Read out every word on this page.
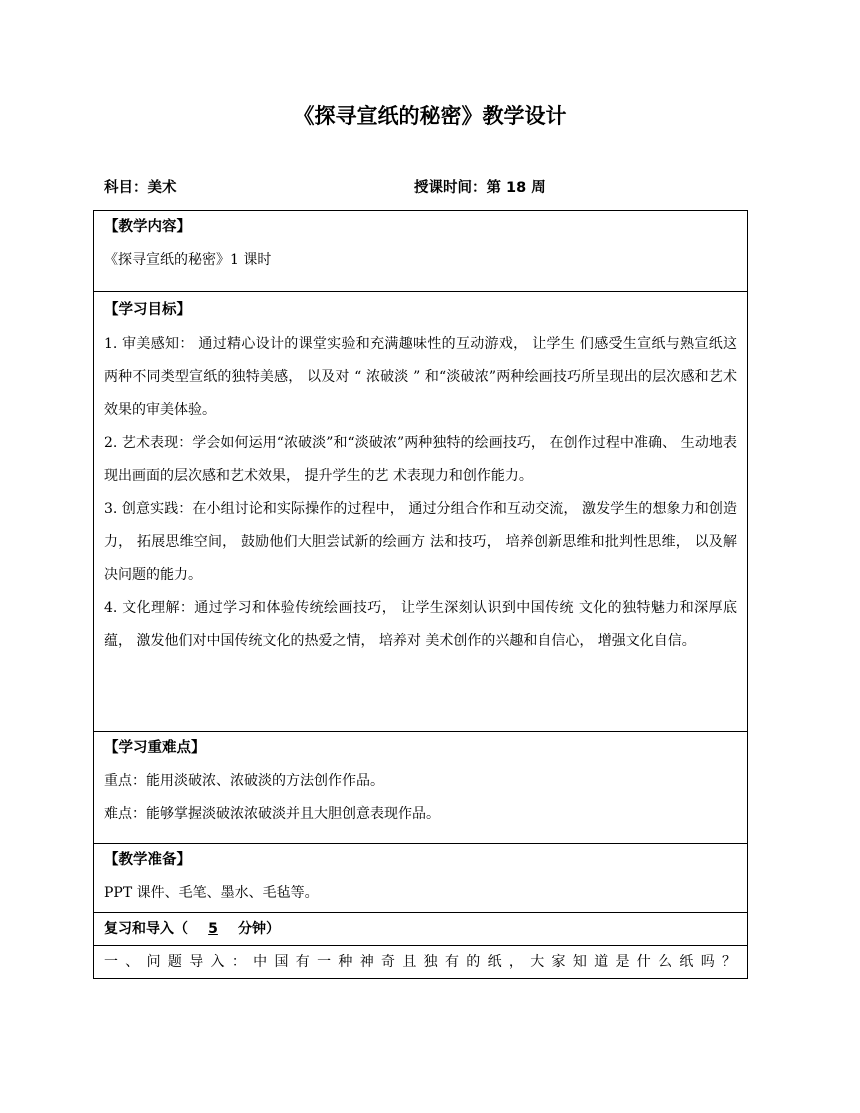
《探寻宣纸的秘密》教学设计
科目：美术	授课时间：第 18 周
【教学内容】
《探寻宣纸的秘密》1 课时

【学习目标】
1. 审美感知： 通过精心设计的课堂实验和充满趣味性的互动游戏， 让学生 们感受生宣纸与熟宣纸这两种不同类型宣纸的独特美感， 以及对 “ 浓破淡 ” 和“淡破浓”两种绘画技巧所呈现出的层次感和艺术效果的审美体验。
2. 艺术表现：学会如何运用“浓破淡”和“淡破浓”两种独特的绘画技巧， 在创作过程中准确、 生动地表现出画面的层次感和艺术效果， 提升学生的艺 术表现力和创作能力。
3. 创意实践：在小组讨论和实际操作的过程中， 通过分组合作和互动交流， 激发学生的想象力和创造力， 拓展思维空间， 鼓励他们大胆尝试新的绘画方 法和技巧， 培养创新思维和批判性思维， 以及解决问题的能力。
4. 文化理解：通过学习和体验传统绘画技巧， 让学生深刻认识到中国传统 文化的独特魅力和深厚底蕴， 激发他们对中国传统文化的热爱之情， 培养对 美术创作的兴趣和自信心， 增强文化自信。

【学习重难点】
重点：能用淡破浓、浓破淡的方法创作作品。
难点：能够掌握淡破浓浓破淡并且大胆创意表现作品。

【教学准备】
PPT 课件、毛笔、墨水、毛毡等。

复习和导入（ 5 分钟）

一、问题导入：中国有一种神奇且独有的纸，大家知道是什么纸吗？
